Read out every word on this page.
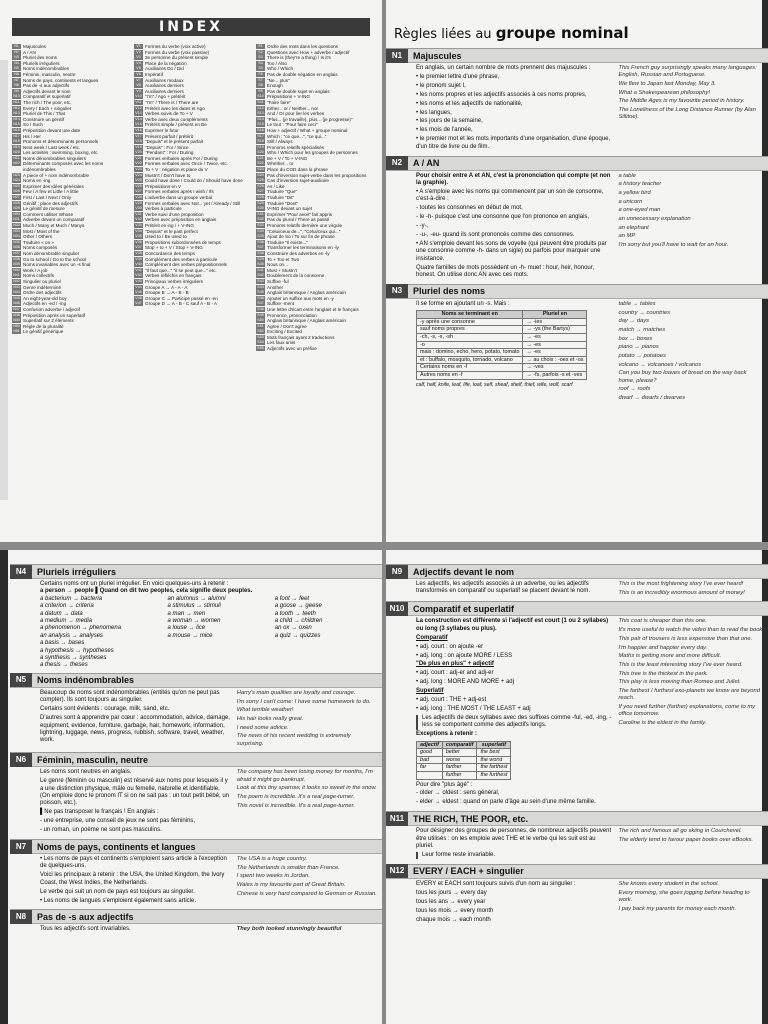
INDEX
N1 Majuscules
N2 A / AN
N3 Pluriel des noms
N4 Pluriels irréguliers
N5 Noms indénombrables
N6 Féminin, masculin, neutre
N7 Noms de pays, continents et langues
N8 Pas de -s aux adjectifs
N9 Adjectifs devant le nom
N10 Comparatif et superlatif
N11 The rich / The poor, etc.
N12 Every / Each + singulier
N13 Pluriel de This / That
N14 Construire un génitif
N15 So / Such
N16 Préposition devant une date
N17 His / Her
N18 Pronoms et déterminants personnels
N19 Next week / Last week / etc.
N20 Les activités : swimming, boxing, etc.
N21 Noms dénombrables singuliers
N22 Déterminants composés avec les noms indénombrables
N23 A piece of + nom indénombrable
N24 Noms en -ing
N25 Exprimer des idées générales
N26 Few / A few et Little / A little
N27 First / Last / Next / Only
N28 Génitif : place des adjectifs
N29 Le génitif de mesure
N30 Comment utiliser Whose
N31 Adverbe devant un comparatif
N32 Much / Many et Much / Manys
N33 Most / Most of the
N34 Other / Others
N35 Traduire « on »
N36 Noms composés
N37 Nom dénombrable singulier
N38 Go to school / Go to the school
N39 Noms invariables avec un -s final
N40 Work / A job
N41 Noms collectifs
N42 Singulier ou pluriel
N43 Genre indéterminé
N44 Ordre des adjectifs
N45 An eight-year-old boy
N46 Adjectifs en -ed / -ing
N47 Confusion adverbe / adjectif
N48 Préposition après un superlatif
N49 Superlatif sur 2 éléments
N50 Règle de la pluralité
N51 Le génitif générique
V1 Formes du verbe (voix active)
V2 Formes du verbe (voix passive)
V3 3e personne du présent simple
V4 Place de la négation
V5 Auxiliaires Do / Did
V6 Impératif
V7 Auxiliaires modaux
V8 Auxiliaires derniers
V9 Auxiliaires derniers
V10 "I'm" / Ago + prétérit
V11 "I'm" / There is / There are
V12 Prétérit avec les dates et Ago
V13 Verbes suivis de To + V
V14 Verbe avec deux compléments
V15 Prétérit simple / présent en Be
V16 Exprimer le futur
V17 Présent parfait / prétérit
V18 "Depuis" et le présent parfait
V19 "Depuis" : For / Since
V20 "Pendant" : For / During
V21 Formes verbales après For / During
V22 Formes verbales avec Once / Twice, etc.
V23 To + V : négation et place du V
V24 Mustn't / Don't have to
V25 Could have done / Could do / Should have done
V26 Prépositions en V
V27 Formes verbales après I wish / Ifs
V28 L'adverbe dans un groupe verbal
V29 Formes verbales avec Not... yet / Already / Still
V30 Verbes à particule
V31 Verbe suivi d'une proposition
V32 Verbes avec préposition en anglais
V33 Prétérit en ing / + V-ING
V34 "Depuis" et le past perfect
V35 Used to / Be used to
V36 Propositions subordonnées de temps
V37 Stop + to + V / Stop + V-ING
V38 Concordance des temps
V39 Complément des verbes à particule
V40 Complément des verbes prépositionnels
V41 "Il faut que..." "il se peut que..." etc.
V42 Verbes réfléchis en français
V43 Principaux verbes irréguliers
V44 Groupe A → A - A - A
V45 Groupe B → A - B - B
V46 Groupe C → Participe passé en -en
V47 Groupe D → A - B - C sauf A - B - A
S1 Ordre des mots dans les questions
S2 Questions avec How + adverbe / adjectif
S3 There is (they're a thing) / Is it's
S4 Too / Also
S5 Who / Which
S6 Pas de double négation en anglais
S7 "Ne... plus"
S8 Enough
S9 Pas de double sujet en anglais
S10 Prépositions + V-ING
S11 "Faire faire"
S12 Either... or / Neither... nor
S13 And / Or pour lier les verbes
S14 "Plus... (je travaille), plus... (je progresse)"
S15 Le tout : "Pour faire ceci"
S16 How + adjectif / What + groupe nominal
S17 Which : "ce que...", "ce qui..."
S18 Still / Always
S19 Pronoms relatifs spécialisés
S20 Who / Which pour les groupes de personnes
S21 Be + V / To + V-ING
S22 Whether... or
S23 Place du COD dans la phrase
S24 Pas d'inversion sujet-verbe dans les propositions
S25 Cas d'inversion sujet-auxiliaire
S26 As / Like
S27 Traduire "Que"
S28 Traduire "Dit"
S29 Traduire "Dont"
S30 V-ING devant un sujet
S31 Exprimer "Pour avoir" fait appris
S32 Pas du plural / There as passé
S33 Pronoms relatifs dernière une virgule
S34 "Celui/ceux de...", "Celui/ceux qui..."
S35 Ajout de So / To sur fin de phrase
S36 Traduire "Il existe..."
S37 Transformer les terminaisons en -ly
S38 Construire des adverbes en -ly
S39 To + Too et Two
S40 Nous on...
S41 Must + Mustn't
S42 Doublement de la consonne
S43 Suffixe -ful
S44 Another
S45 Anglais britannique / Anglais américain
S46 Ajouter un suffixe aux mots en -y
S47 Suffixe -ment
S48 Une lettre d'écart entre l'anglais et le français
S49 Prononce, prononciation
S50 Anglais britannique / Anglais américain
S51 Agree / Don't agree
S52 Exciting / Excited
S53 Mots français ayant 2 traductions
S54 Les faux amis
S55 Adjectifs avec un préfixe
Règles liées au groupe nominal
N1	Majuscules

En anglais, un certain nombre de mots prennent des majuscules :

• le premier lettre d'une phrase,

• le pronom sujet I,

• les noms propres et les adjectifs associés à ces noms propres,

• les noms et les adjectifs de nationalité,

• les langues,

• les jours de la semaine,

• les mois de l'année,

• le premier mot et les mots importants d'une organisation, d'une époque, d'un titre de livre ou de film.

This French guy surprisingly speaks many languages: English, Russian and Portuguese.

We flew to Japan last Monday, May 3.

What a Shakespearean philosophy!

The Middle Ages is my favourite period in history.

The Loneliness of the Long Distance Runner (by Alan Sillitoe).

N2	A / AN

Pour choisir entre A et AN, c'est la prononciation qui compte (et non la graphie).

• A s'emploie avec les noms qui commencent par un son de consonne, c'est-à-dire :

- toutes les consonnes en début de mot,

- le -h- puisque c'est une consonne que l'on prononce en anglais,

- -y-,

- -u-, -eu- quand ils sont prononcés comme des consonnes.

• AN s'emploie devant les sons de voyelle (qui peuvent être produits par une consonne comme -h- dans un sigle) ou parfois pour marquer une insistance.

Quatre familles de mots possèdent un -h- muet : hour, heir, honour, honest. On utilise donc AN avec ces mots.

a table

a history teacher

a yellow bird

a unicorn

a one-eyed man

an unnecessary explanation

an elephant

an MP

I'm sorry but you'll have to wait for an hour.

N3	Pluriel des noms

Il se forme en ajoutant un -s. Mais :

Noms se terminant en	Pluriel en
-y après une consonne	→ -ies
sauf noms propres	→ -ys (the Bartys)
-ch, -s, -x, -sh	→ -es
-o	→ -es
mais : domino, echo, hero, potato, tomato	→ -es
et : buffalo, mosquito, tornado, volcano	→ au choix : -oes et -os
Certains noms en -f	→ -ves
Autres noms en -f	→ -fs, parfois -s et -ves

calf, half, knife, leaf, life, loaf, self, sheaf, shelf, thief, wife, wolf, scarf

table → tables

country → countries

day → days

match → matches

box → boxes

piano → pianos

potato → potatoes

volcano → volcanoes / volcanos

Can you buy two loaves of bread on the way back home, please?

roof → roofs

dwarf → dwarfs / dwarves

N4	Pluriels irréguliers

Certains noms ont un pluriel irrégulier. En voici quelques-uns à retenir :

a person → people ▌Quand on dit two peoples, cela signifie deux peuples.

a bacterium → bacteria

a criterion → criteria

a datum → data

a medium → media

a phenomenon → phenomena

an analysis → analyses

a basis → bases

a hypothesis → hypotheses

a synthesis → syntheses

a thesis → theses

an alumnus → alumni

a stimulus → stimuli

a man → men

a woman → women

a louse → lice

a mouse → mice

a foot → feet

a goose → geese

a tooth → teeth

a child → children

an ox → oxen

a quiz → quizzes

N5	Noms indénombrables

Beaucoup de noms sont indénombrables (entités qu'on ne peut pas compter). Ils sont toujours au singulier.

Certains sont évidents : courage, milk, sand, etc.

D'autres sont à apprendre par cœur : accommodation, advice, damage, equipment, evidence, furniture, garbage, hair, homework, information, lightning, luggage, news, progress, rubbish, software, travel, weather, work.

Harry's main qualities are loyalty and courage.

I'm sorry I can't come: I have some homework to do.

What terrible weather!

His hair looks really great.

I need some advice.

The news of his recent wedding is extremely surprising.

N6	Féminin, masculin, neutre

Les noms sont neutres en anglais.

Le genre (féminin ou masculin) est réservé aux noms pour lesquels il y a une distinction physique, mâle ou femelle, naturelle et identifiable. (On emploie donc le pronom IT si on ne sait pas : un tout petit bébé, un poisson, etc.).

▌Ne pas transposer le français ! En anglais :

- une entreprise, une conseil de jeux ne sont pas féminins,

- un roman, un poème ne sont pas masculins.

The company has been losing money for months, I'm afraid it might go bankrupt.

Look at this tiny sparrow, it looks so sweet in the snow.

The poem is incredible. It's a real page-turner.

This novel is incredible. It's a real page-turner.

N7	Noms de pays, continents et langues

• Les noms de pays et continents s'emploient sans article à l'exception de quelques-uns.

Voici les principaux à retenir : the USA, the United Kingdom, the Ivory Coast, the West Indies, the Netherlands.

Le verbe qui suit un nom de pays est toujours au singulier.

• Les noms de langues s'emploient également sans article.

The USA is a huge country.

The Netherlands is smaller than France.

I spent two weeks in Jordan.

Wales is my favourite part of Great Britain.

Chinese is very hard compared to German or Russian.

N8	Pas de -s aux adjectifs

Tous les adjectifs sont invariables.	They both looked stunningly beautiful

N9	Adjectifs devant le nom

Les adjectifs, les adjectifs associés à un adverbe, ou les adjectifs transformés en comparatif ou superlatif se placent devant le nom.

This is the most frightening story I've ever heard!

This is an incredibly enormous amount of money!

N10 Comparatif et superlatif

La construction est différente si l'adjectif est court (1 ou 2 syllabes) ou long (3 syllabes ou plus).

Comparatif

• adj. court : on ajoute -er

• adj. long : on ajoute MORE / LESS

"De plus en plus" + adjectif

• adj. court : adj-er and adj-er

• adj. long : MORE AND MORE + adj

Superlatif

• adj. court : THE + adj-est

• adj. long : THE MOST / THE LEAST + adj

Les adjectifs de deux syllabes avec des suffixes comme -ful, -ed, -ing, -less se comportent comme des adjectifs longs.

Exceptions à retenir :

adjectif	comparatif	superlatif
good	better	the best
bad	worse	the worst
far	farther	the farthest
	further	the furthest

Pour dire "plus âgé" :

- older → oldest : sens général,

- elder → eldest : quand on parle d'âge au sein d'une même famille.

This coat is cheaper than this one.

It's more useful to watch the video than to read the book.

This pair of trousers is less expensive than that one.

I'm happier and happier every day.

Maths is getting more and more difficult.

This is the least interesting story I've ever heard.

This tree is the thickest in the park.

This play is less moving than Romeo and Juliet.

The farthest / furthest exo-planets we know are beyond reach.

If you need further (farther) explanations, come to my office tomorrow.

Caroline is the eldest in the family.

N11 THE RICH, THE POOR, etc.

Pour désigner des groupes de personnes, de nombreux adjectifs peuvent être utilisés : on les emploie avec THE et le verbe qui les suit est au pluriel.

Leur forme reste invariable.

The rich and famous all go skiing in Courchevel.

The elderly tend to favour paper books over eBooks.

N12 EVERY / EACH + singulier

EVERY et EACH sont toujours suivis d'un nom au singulier :

tous les jours → every day

tous les ans → every year

tous les mois → every month

chaque mois → each month

She knows every student in the school.

Every morning, she goes jogging before heading to work.

I pay back my parents for money each month.
